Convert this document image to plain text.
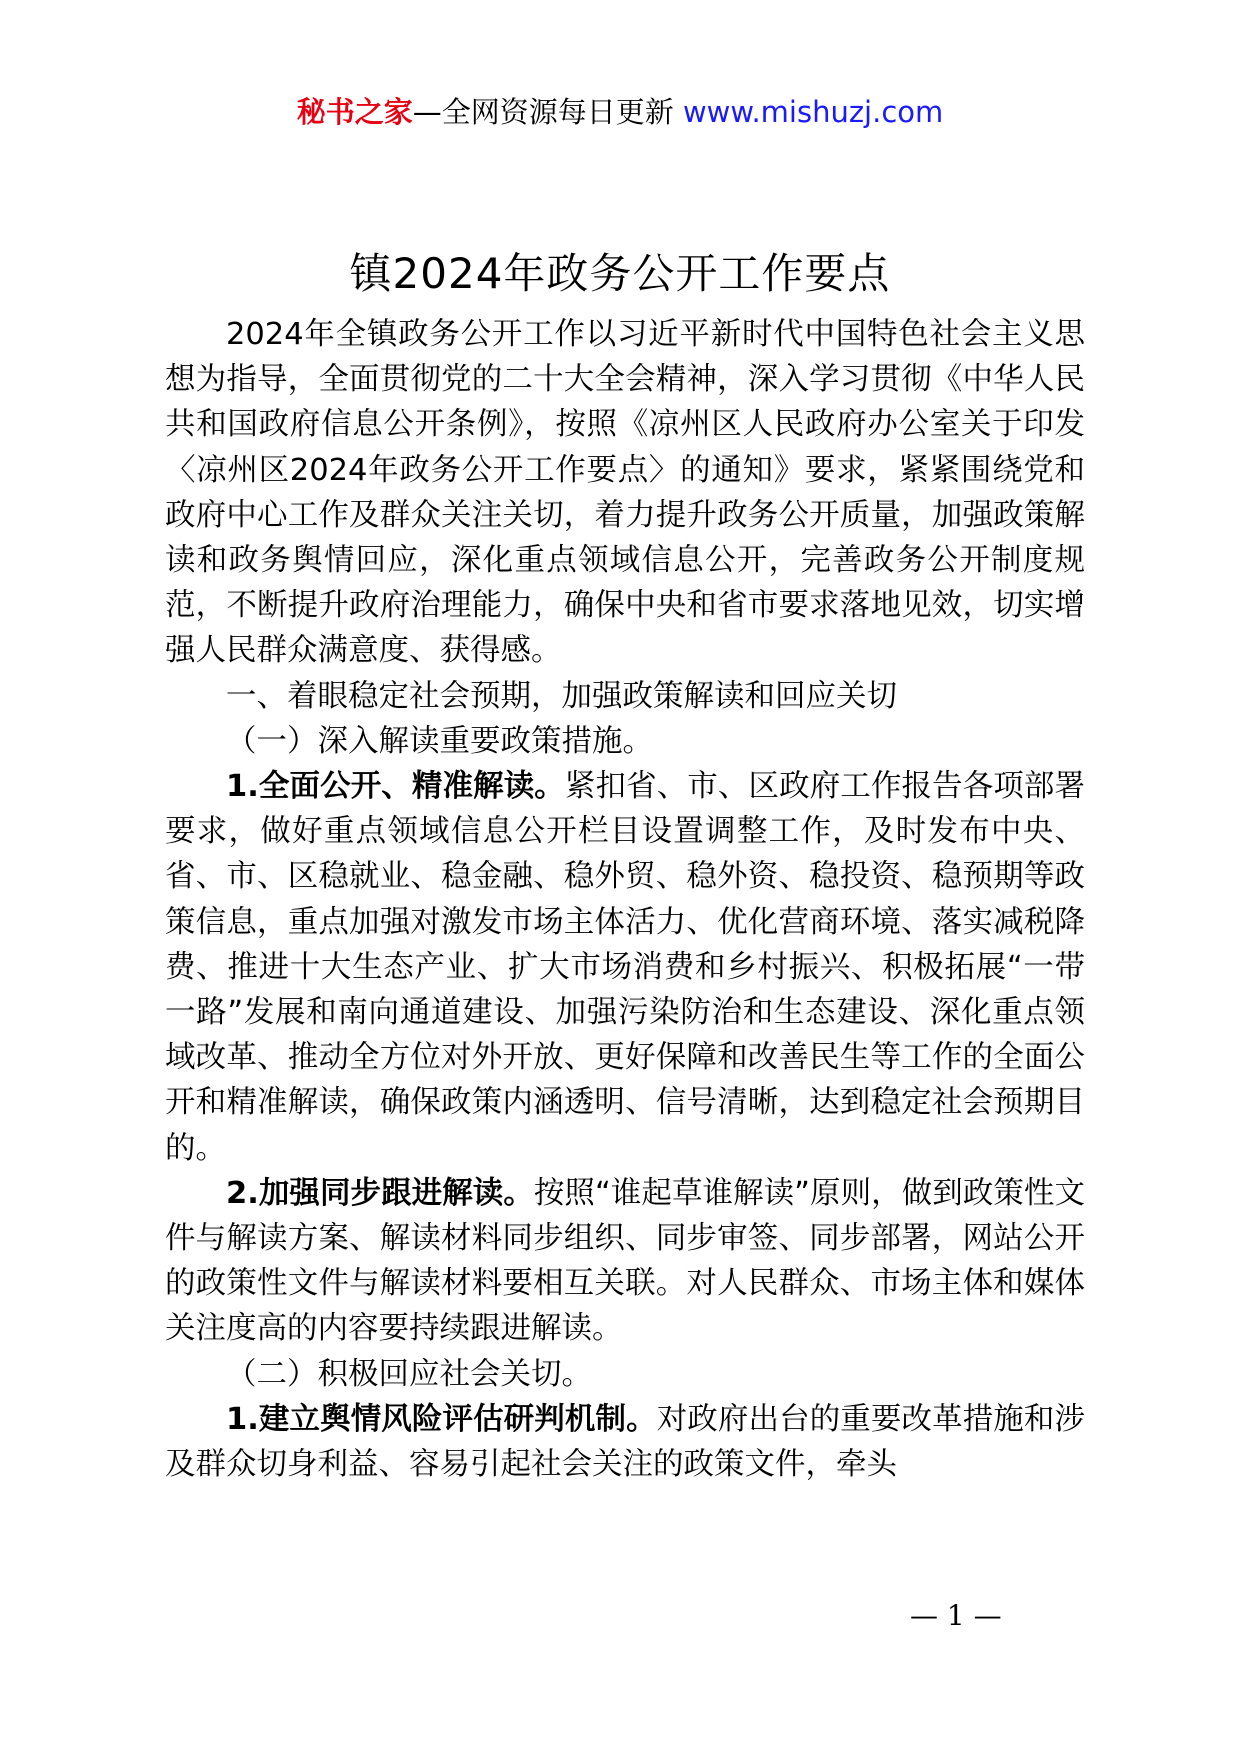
秘书之家—全网资源每日更新 www.mishuzj.com
镇2024年政务公开工作要点

2024年全镇政务公开工作以习近平新时代中国特色社会主义思想为指导，全面贯彻党的二十大全会精神，深入学习贯彻《中华人民共和国政府信息公开条例》，按照《凉州区人民政府办公室关于印发〈凉州区2024年政务公开工作要点〉的通知》要求，紧紧围绕党和政府中心工作及群众关注关切，着力提升政务公开质量，加强政策解读和政务舆情回应，深化重点领域信息公开，完善政务公开制度规范，不断提升政府治理能力，确保中央和省市要求落地见效，切实增强人民群众满意度、获得感。

一、着眼稳定社会预期，加强政策解读和回应关切

（一）深入解读重要政策措施。

1.全面公开、精准解读。紧扣省、市、区政府工作报告各项部署要求，做好重点领域信息公开栏目设置调整工作，及时发布中央、省、市、区稳就业、稳金融、稳外贸、稳外资、稳投资、稳预期等政策信息，重点加强对激发市场主体活力、优化营商环境、落实减税降费、推进十大生态产业、扩大市场消费和乡村振兴、积极拓展“一带一路”发展和南向通道建设、加强污染防治和生态建设、深化重点领域改革、推动全方位对外开放、更好保障和改善民生等工作的全面公开和精准解读，确保政策内涵透明、信号清晰，达到稳定社会预期目的。

2.加强同步跟进解读。按照“谁起草谁解读”原则，做到政策性文件与解读方案、解读材料同步组织、同步审签、同步部署，网站公开的政策性文件与解读材料要相互关联。对人民群众、市场主体和媒体关注度高的内容要持续跟进解读。

（二）积极回应社会关切。

1.建立舆情风险评估研判机制。对政府出台的重要改革措施和涉及群众切身利益、容易引起社会关注的政策文件，牵头

— 1 —
